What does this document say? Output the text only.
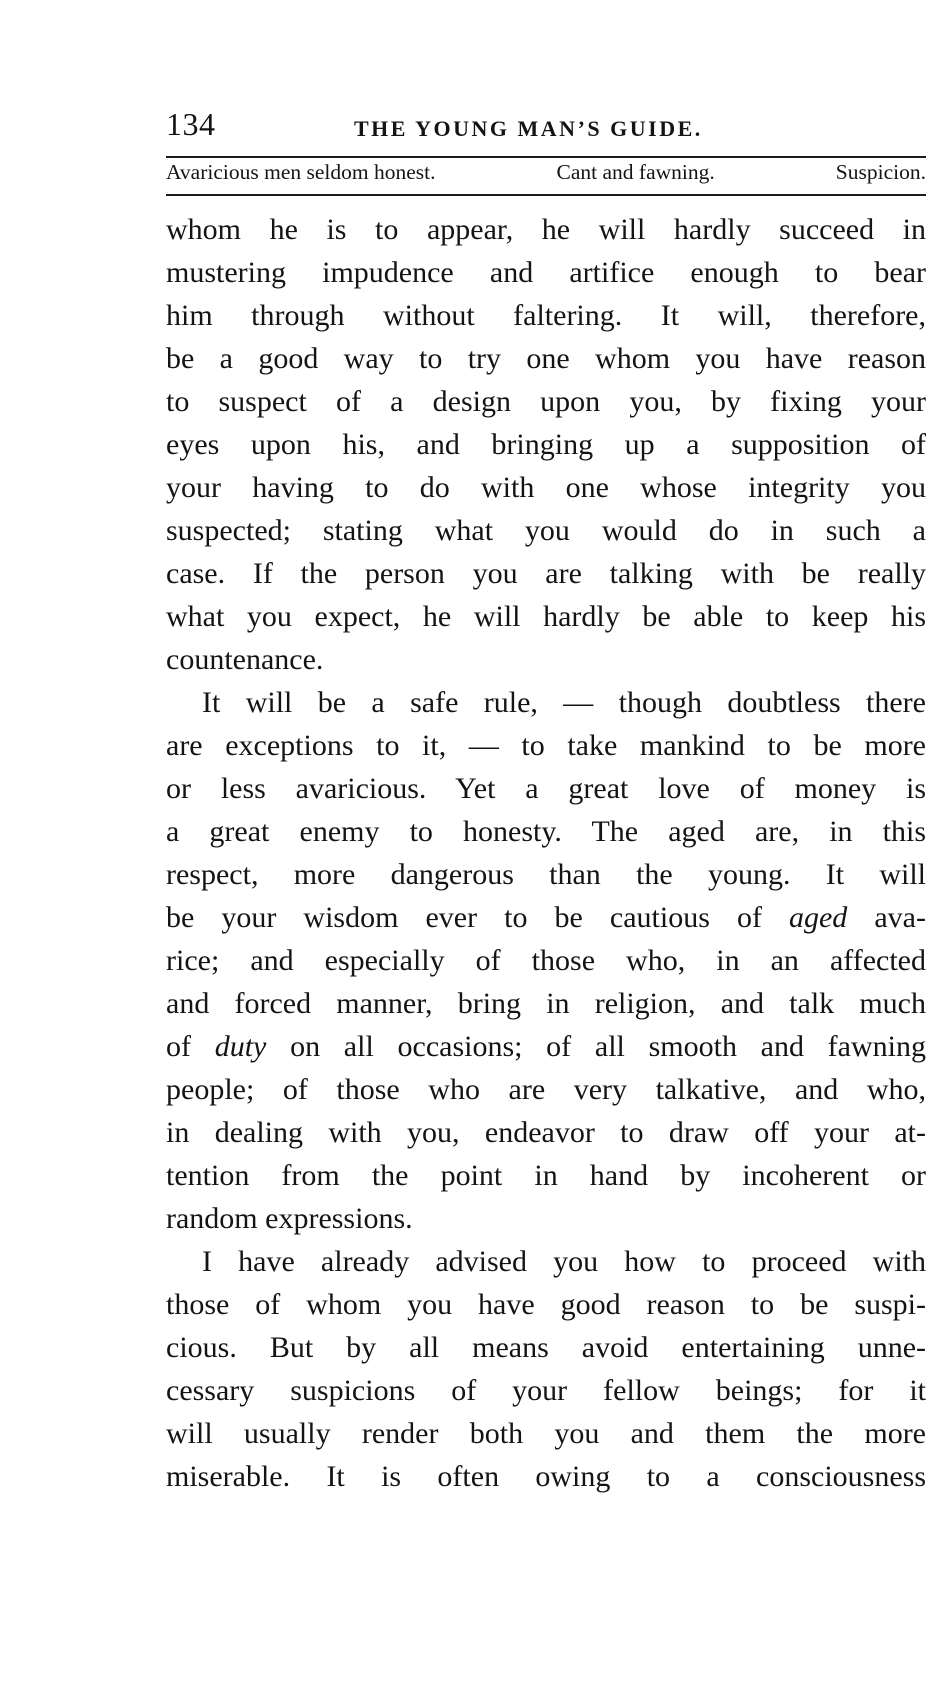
134	THE YOUNG MAN’S GUIDE.
Avaricious men seldom honest.	Cant and fawning.	Suspicion.
whom he is to appear, he will hardly succeed in
mustering impudence and artifice enough to bear
him through without faltering. It will, therefore,
be a good way to try one whom you have reason
to suspect of a design upon you, by fixing your
eyes upon his, and bringing up a supposition of
your having to do with one whose integrity you
suspected; stating what you would do in such a
case. If the person you are talking with be really
what you expect, he will hardly be able to keep his
countenance.
It will be a safe rule, — though doubtless there
are exceptions to it, — to take mankind to be more
or less avaricious. Yet a great love of money is
a great enemy to honesty. The aged are, in this
respect, more dangerous than the young. It will
be your wisdom ever to be cautious of aged ava-
rice; and especially of those who, in an affected
and forced manner, bring in religion, and talk much
of duty on all occasions; of all smooth and fawning
people; of those who are very talkative, and who,
in dealing with you, endeavor to draw off your at-
tention from the point in hand by incoherent or
random expressions.
I have already advised you how to proceed with
those of whom you have good reason to be suspi-
cious. But by all means avoid entertaining unne-
cessary suspicions of your fellow beings; for it
will usually render both you and them the more
miserable. It is often owing to a consciousness
